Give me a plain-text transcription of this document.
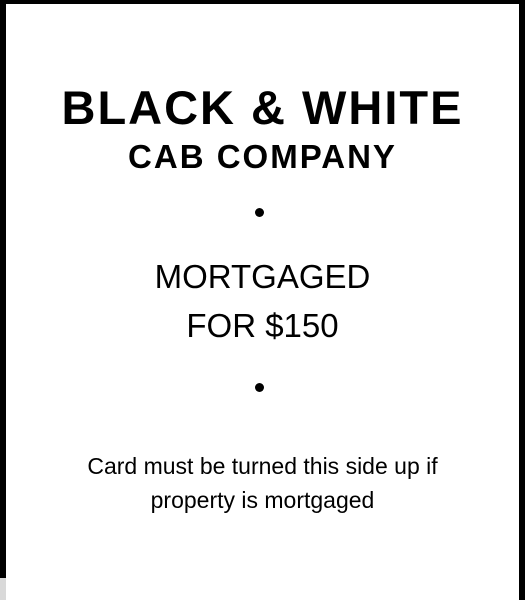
BLACK & WHITE
CAB COMPANY
MORTGAGED
FOR $150
Card must be turned this side up if
property is mortgaged
